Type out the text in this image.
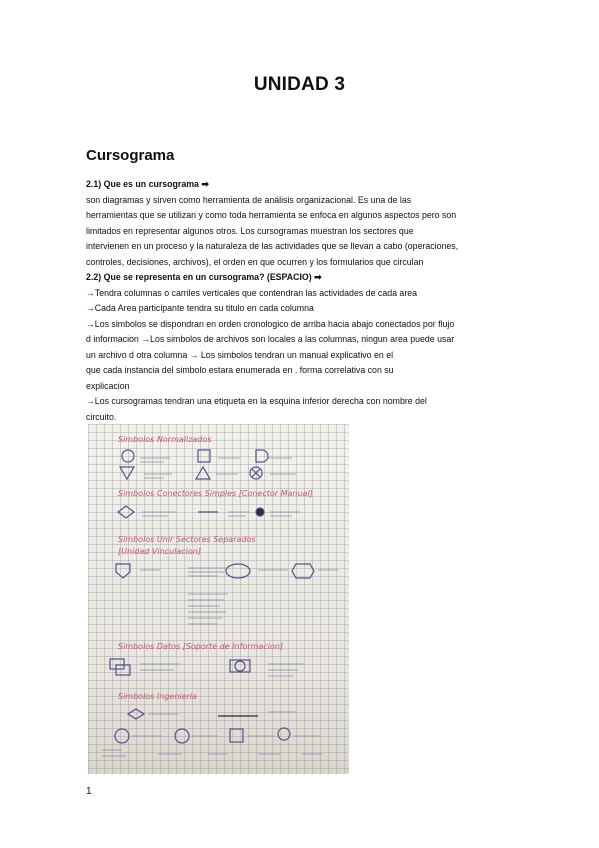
UNIDAD 3
Cursograma

2.1) Que es un cursograma ➡

son diagramas y sirven como herramienta de análisis organizacional. Es una de las

herramientas que se utilizan y como toda herramienta se enfoca en algunos aspectos pero son

limitados en representar algunos otros. Los cursogramas muestran los sectores que

intervienen en un proceso y la naturaleza de las actividades que se llevan a cabo (operaciones,

controles, decisiones, archivos), el orden en que ocurren y los formularios que circulan

2.2) Que se representa en un cursograma? (ESPACIO) ➡

→Tendra columnas o carriles verticales que contendran las actividades de cada area

→Cada Area participante tendra su titulo en cada columna

→Los simbolos se dispondran en orden cronologico de arriba hacia abajo conectados por flujo

d informacion →Los simbolos de archivos son locales a las columnas, ningun area puede usar

un archivo d otra columna → Los simbolos tendran un manual explicativo en el

que cada instancia del simbolo estara enumerada en . forma correlativa con su

explicacion

→Los cursogramas tendran una etiqueta en la esquina inferior derecha con nombre del

circuito.

Simbolos Normalizados
Simbolos Conectores Simples [Conector Manual]
Simbolos Unir Sectores Separados
[Unidad Vinculacion]
Simbolos Datos [Soporte de Informacion]
Simbolos Ingenieria
1
